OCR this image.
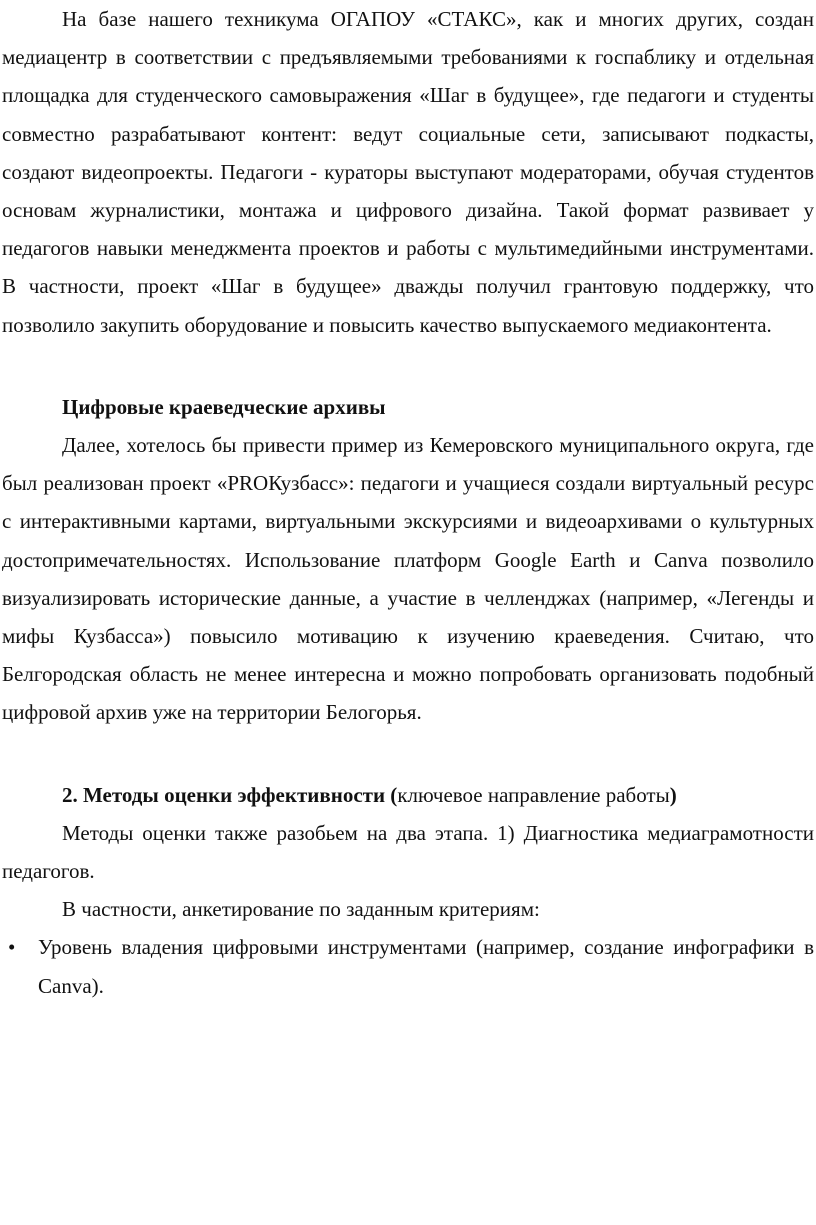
На базе нашего техникума ОГАПОУ «СТАКС», как и многих других, создан медиацентр в соответствии с предъявляемыми требованиями к госпаблику и отдельная площадка для студенческого самовыражения «Шаг в будущее», где педагоги и студенты совместно разрабатывают контент: ведут социальные сети, записывают подкасты, создают видеопроекты. Педагоги - кураторы выступают модераторами, обучая студентов основам журналистики, монтажа и цифрового дизайна. Такой формат развивает у педагогов навыки менеджмента проектов и работы с мультимедийными инструментами. В частности, проект «Шаг в будущее» дважды получил грантовую поддержку, что позволило закупить оборудование и повысить качество выпускаемого медиаконтента.

Цифровые краеведческие архивы

Далее, хотелось бы привести пример из Кемеровского муниципального округа, где был реализован проект «PROКузбасс»: педагоги и учащиеся создали виртуальный ресурс с интерактивными картами, виртуальными экскурсиями и видеоархивами о культурных достопримечательностях. Использование платформ Google Earth и Canva позволило визуализировать исторические данные, а участие в челленджах (например, «Легенды и мифы Кузбасса») повысило мотивацию к изучению краеведения. Считаю, что Белгородская область не менее интересна и можно попробовать организовать подобный цифровой архив уже на территории Белогорья.

2. Методы оценки эффективности (ключевое направление работы)

Методы оценки также разобьем на два этапа. 1) Диагностика медиаграмотности педагогов.

В частности, анкетирование по заданным критериям:

• Уровень владения цифровыми инструментами (например, создание инфографики в Canva).
